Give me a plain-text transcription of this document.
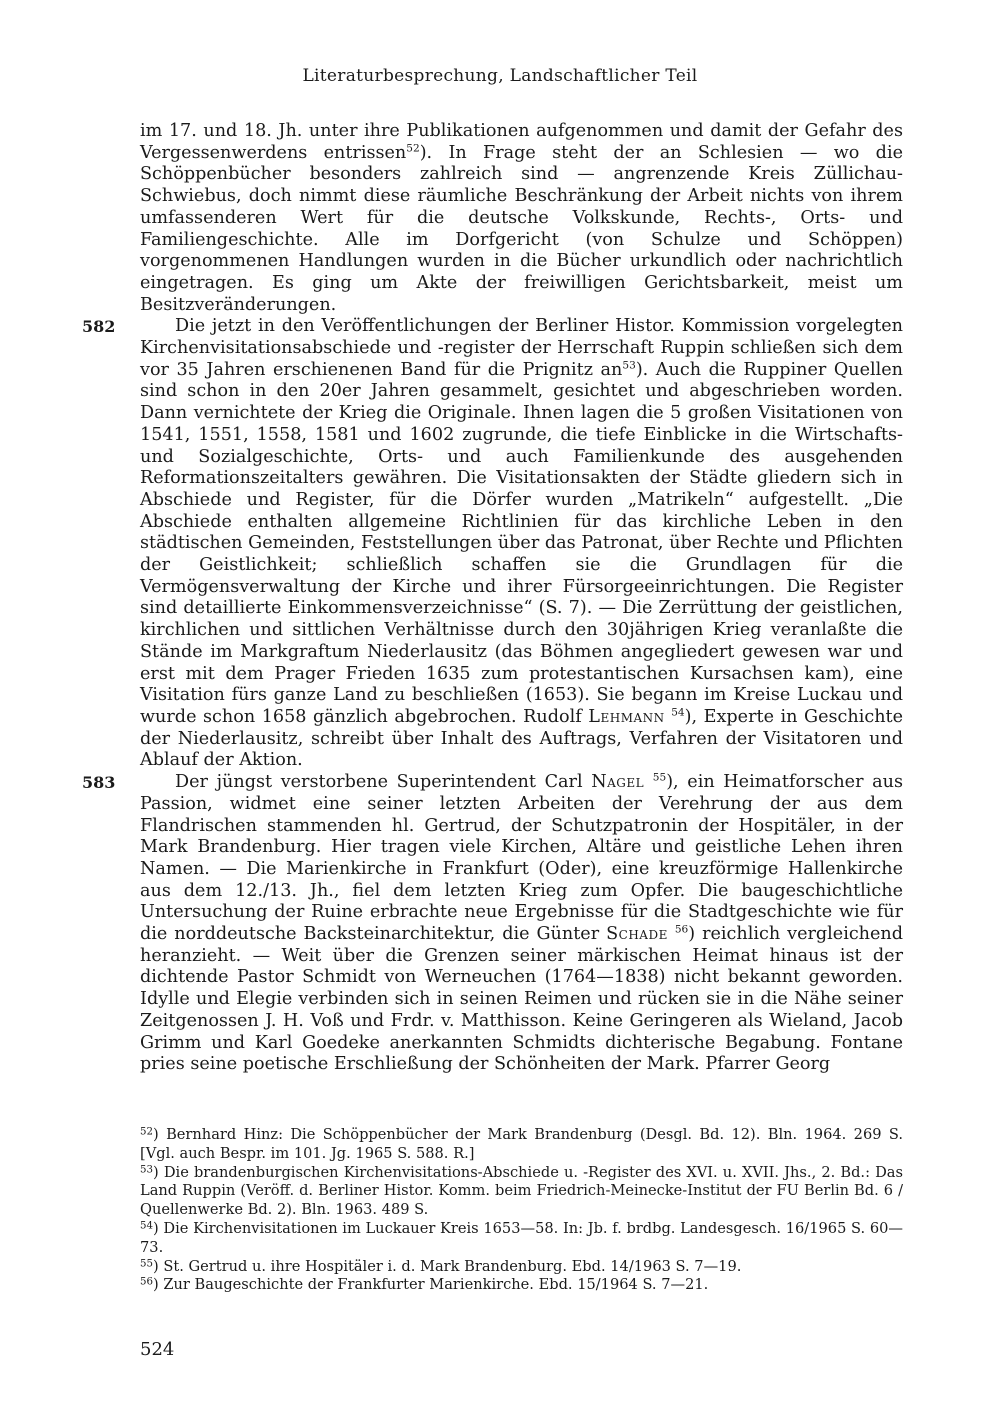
Literaturbesprechung, Landschaftlicher Teil

im 17. und 18. Jh. unter ihre Publikationen aufgenommen und damit der Gefahr des Vergessenwerdens entrissen$^{52}$). In Frage steht der an Schlesien — wo die Schöppenbücher besonders zahlreich sind — angrenzende Kreis Züllichau-Schwiebus, doch nimmt diese räumliche Beschränkung der Arbeit nichts von ihrem umfassenderen Wert für die deutsche Volkskunde, Rechts-, Orts- und Familiengeschichte. Alle im Dorfgericht (von Schulze und Schöppen) vorgenommenen Handlungen wurden in die Bücher urkundlich oder nachrichtlich eingetragen. Es ging um Akte der freiwilligen Gerichtsbarkeit, meist um Besitzveränderungen.

582	Die jetzt in den Veröffentlichungen der Berliner Histor. Kommission vorgelegten Kirchenvisitationsabschiede und -register der Herrschaft Ruppin schließen sich dem vor 35 Jahren erschienenen Band für die Prignitz $an^{53}$). Auch die Ruppiner Quellen sind schon in den 20er Jahren gesammelt, gesichtet und abgeschrieben worden. Dann vernichtete der Krieg die Originale. Ihnen lagen die 5 großen Visitationen von 1541, 1551, 1558, 1581 und 1602 zugrunde, die tiefe Einblicke in die Wirtschafts- und Sozialgeschichte, Orts- und auch Familienkunde des ausgehenden Reformationszeitalters gewähren. Die Visitationsakten der Städte gliedern sich in Abschiede und Register, für die Dörfer wurden „Matrikeln“ aufgestellt. „Die Abschiede enthalten allgemeine Richtlinien für das kirchliche Leben in den städtischen Gemeinden, Feststellungen über das Patronat, über Rechte und Pflichten der Geistlichkeit; schließlich schaffen sie die Grundlagen für die Vermögensverwaltung der Kirche und ihrer Fürsorgeeinrichtungen. Die Register sind detaillierte Einkommensverzeichnisse“ (S. 7). — Die Zerrüttung der geistlichen, kirchlichen und sittlichen Verhältnisse durch den 30jährigen Krieg veranlaßte die Stände im Markgraftum Niederlausitz (das Böhmen angegliedert gewesen war und erst mit dem Prager Frieden 1635 zum protestantischen Kursachsen kam), eine Visitation fürs ganze Land zu beschließen (1653). Sie begann im Kreise Luckau und wurde schon 1658 gänzlich abgebrochen. Rudolf Lehmann $^{54}$), Experte in Geschichte der Niederlausitz, schreibt über Inhalt des Auftrags, Verfahren der Visitatoren und Ablauf der Aktion.

583	Der jüngst verstorbene Superintendent Carl Nagel $^{55}$), ein Heimatforscher aus Passion, widmet eine seiner letzten Arbeiten der Verehrung der aus dem Flandrischen stammenden hl. Gertrud, der Schutzpatronin der Hospitäler, in der Mark Brandenburg. Hier tragen viele Kirchen, Altäre und geistliche Lehen ihren Namen. — Die Marienkirche in Frankfurt (Oder), eine kreuzförmige Hallenkirche aus dem 12./13. Jh., fiel dem letzten Krieg zum Opfer. Die baugeschichtliche Untersuchung der Ruine erbrachte neue Ergebnisse für die Stadtgeschichte wie für die norddeutsche Backsteinarchitektur, die Günter Schade $^{56}$) reichlich vergleichend heranzieht. — Weit über die Grenzen seiner märkischen Heimat hinaus ist der dichtende Pastor Schmidt von Werneuchen (1764—1838) nicht bekannt geworden. Idylle und Elegie verbinden sich in seinen Reimen und rücken sie in die Nähe seiner Zeitgenossen J. H. Voß und Frdr. v. Matthisson. Keine Geringeren als Wieland, Jacob Grimm und Karl Goedeke anerkannten Schmidts dichterische Begabung. Fontane pries seine poetische Erschließung der Schönheiten der Mark. Pfarrer Georg

$^{52}$) Bernhard Hinz: Die Schöppenbücher der Mark Brandenburg (Desgl. Bd. 12). Bln. 1964. 269 S. [Vgl. auch Bespr. im 101. Jg. 1965 S. 588. R.]

$^{53}$) Die brandenburgischen Kirchenvisitations-Abschiede u. -Register des XVI. u. XVII. Jhs., 2. Bd.: Das Land Ruppin (Veröff. d. Berliner Histor. Komm. beim Friedrich-Meinecke-Institut der FU Berlin Bd. 6 / Quellenwerke Bd. 2). Bln. 1963. 489 S.

$^{54}$) Die Kirchenvisitationen im Luckauer Kreis 1653—58. In: Jb. f. brdbg. Landesgesch. 16/1965 S. 60—73.

$^{55}$) St. Gertrud u. ihre Hospitäler i. d. Mark Brandenburg. Ebd. 14/1963 S. 7—19.

$^{56}$) Zur Baugeschichte der Frankfurter Marienkirche. Ebd. 15/1964 S. 7—21.

524
